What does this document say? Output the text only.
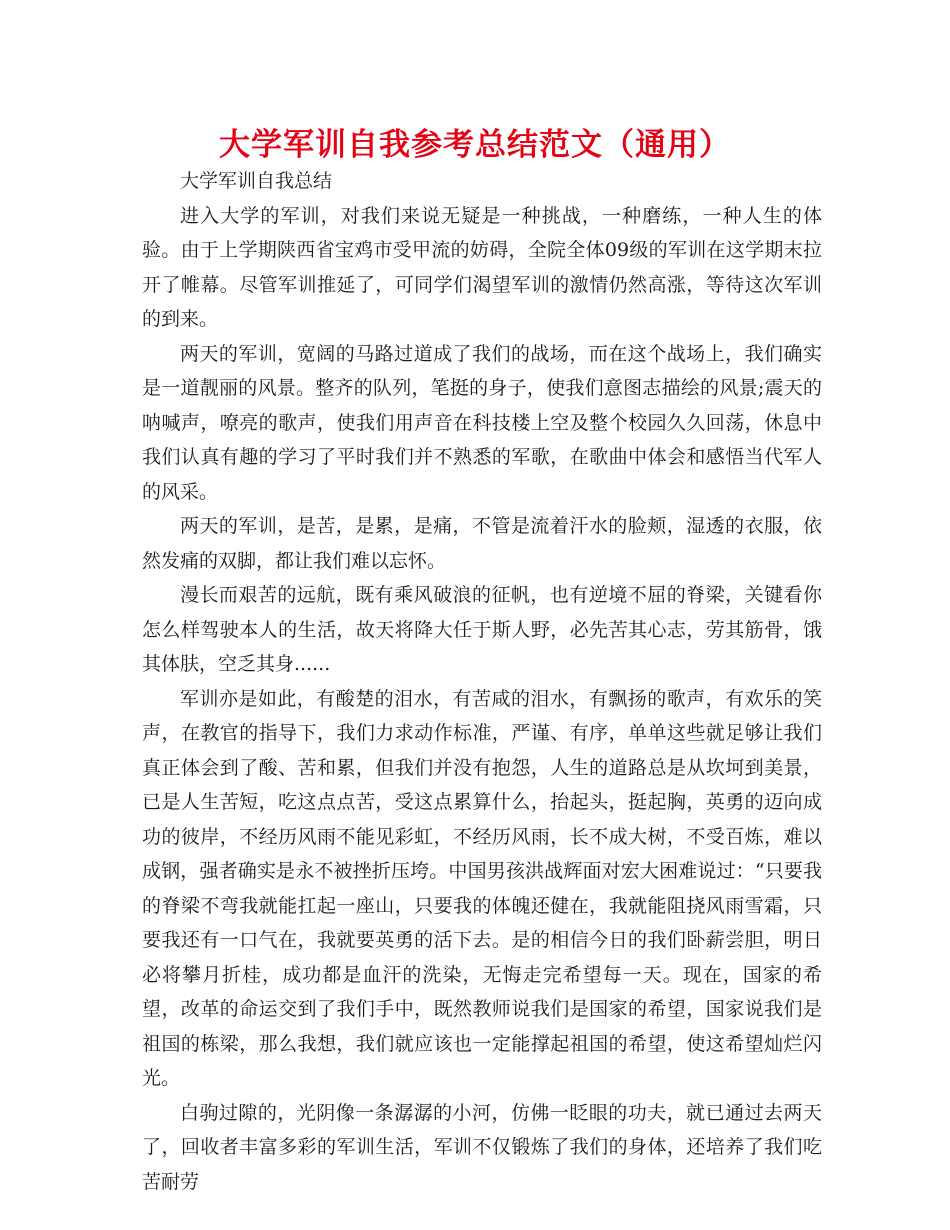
大学军训自我参考总结范文（通用）

大学军训自我总结

进入大学的军训，对我们来说无疑是一种挑战，一种磨练，一种人生的体验。由于上学期陕西省宝鸡市受甲流的妨碍，全院全体09级的军训在这学期末拉开了帷幕。尽管军训推延了，可同学们渴望军训的激情仍然高涨，等待这次军训的到来。

两天的军训，宽阔的马路过道成了我们的战场，而在这个战场上，我们确实是一道靓丽的风景。整齐的队列，笔挺的身子，使我们意图志描绘的风景;震天的呐喊声，嘹亮的歌声，使我们用声音在科技楼上空及整个校园久久回荡，休息中我们认真有趣的学习了平时我们并不熟悉的军歌，在歌曲中体会和感悟当代军人的风采。

两天的军训，是苦，是累，是痛，不管是流着汗水的脸颊，湿透的衣服，依然发痛的双脚，都让我们难以忘怀。

漫长而艰苦的远航，既有乘风破浪的征帆，也有逆境不屈的脊梁，关键看你怎么样驾驶本人的生活，故天将降大任于斯人野，必先苦其心志，劳其筋骨，饿其体肤，空乏其身......

军训亦是如此，有酸楚的泪水，有苦咸的泪水，有飘扬的歌声，有欢乐的笑声，在教官的指导下，我们力求动作标准，严谨、有序，单单这些就足够让我们真正体会到了酸、苦和累，但我们并没有抱怨，人生的道路总是从坎坷到美景，已是人生苦短，吃这点点苦，受这点累算什么，抬起头，挺起胸，英勇的迈向成功的彼岸，不经历风雨不能见彩虹，不经历风雨，长不成大树，不受百炼，难以成钢，强者确实是永不被挫折压垮。中国男孩洪战辉面对宏大困难说过：“只要我的脊梁不弯我就能扛起一座山，只要我的体魄还健在，我就能阻挠风雨雪霜，只要我还有一口气在，我就要英勇的活下去。是的相信今日的我们卧薪尝胆，明日必将攀月折桂，成功都是血汗的洗染，无悔走完希望每一天。现在，国家的希望，改革的命运交到了我们手中，既然教师说我们是国家的希望，国家说我们是祖国的栋梁，那么我想，我们就应该也一定能撑起祖国的希望，使这希望灿烂闪光。

白驹过隙的，光阴像一条潺潺的小河，仿佛一眨眼的功夫，就已通过去两天了，回收者丰富多彩的军训生活，军训不仅锻炼了我们的身体，还培养了我们吃苦耐劳
